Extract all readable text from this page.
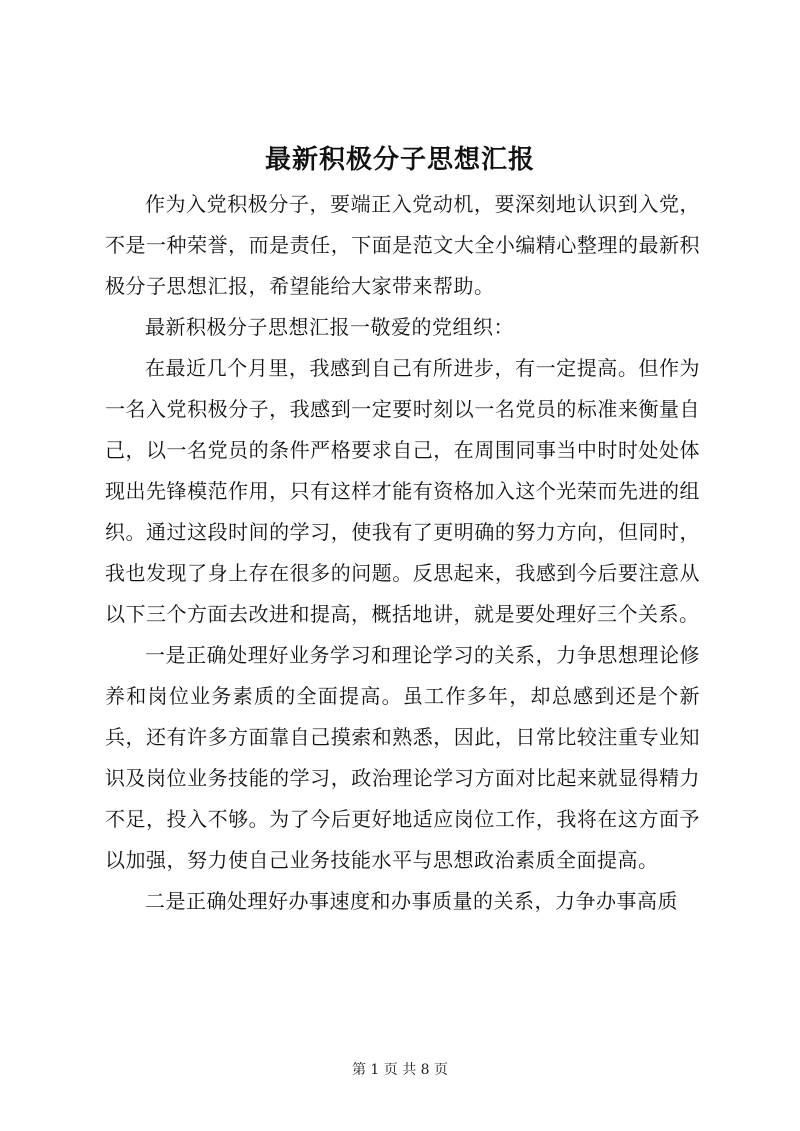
最新积极分子思想汇报

作为入党积极分子，要端正入党动机，要深刻地认识到入党，不是一种荣誉，而是责任，下面是范文大全小编精心整理的最新积极分子思想汇报，希望能给大家带来帮助。

最新积极分子思想汇报一敬爱的党组织：

在最近几个月里，我感到自己有所进步，有一定提高。但作为一名入党积极分子，我感到一定要时刻以一名党员的标准来衡量自己，以一名党员的条件严格要求自己，在周围同事当中时时处处体现出先锋模范作用，只有这样才能有资格加入这个光荣而先进的组织。通过这段时间的学习，使我有了更明确的努力方向，但同时，我也发现了身上存在很多的问题。反思起来，我感到今后要注意从以下三个方面去改进和提高，概括地讲，就是要处理好三个关系。

一是正确处理好业务学习和理论学习的关系，力争思想理论修养和岗位业务素质的全面提高。虽工作多年，却总感到还是个新兵，还有许多方面靠自己摸索和熟悉，因此，日常比较注重专业知识及岗位业务技能的学习，政治理论学习方面对比起来就显得精力不足，投入不够。为了今后更好地适应岗位工作，我将在这方面予以加强，努力使自己业务技能水平与思想政治素质全面提高。

二是正确处理好办事速度和办事质量的关系，力争办事高质

第 1 页 共 8 页
